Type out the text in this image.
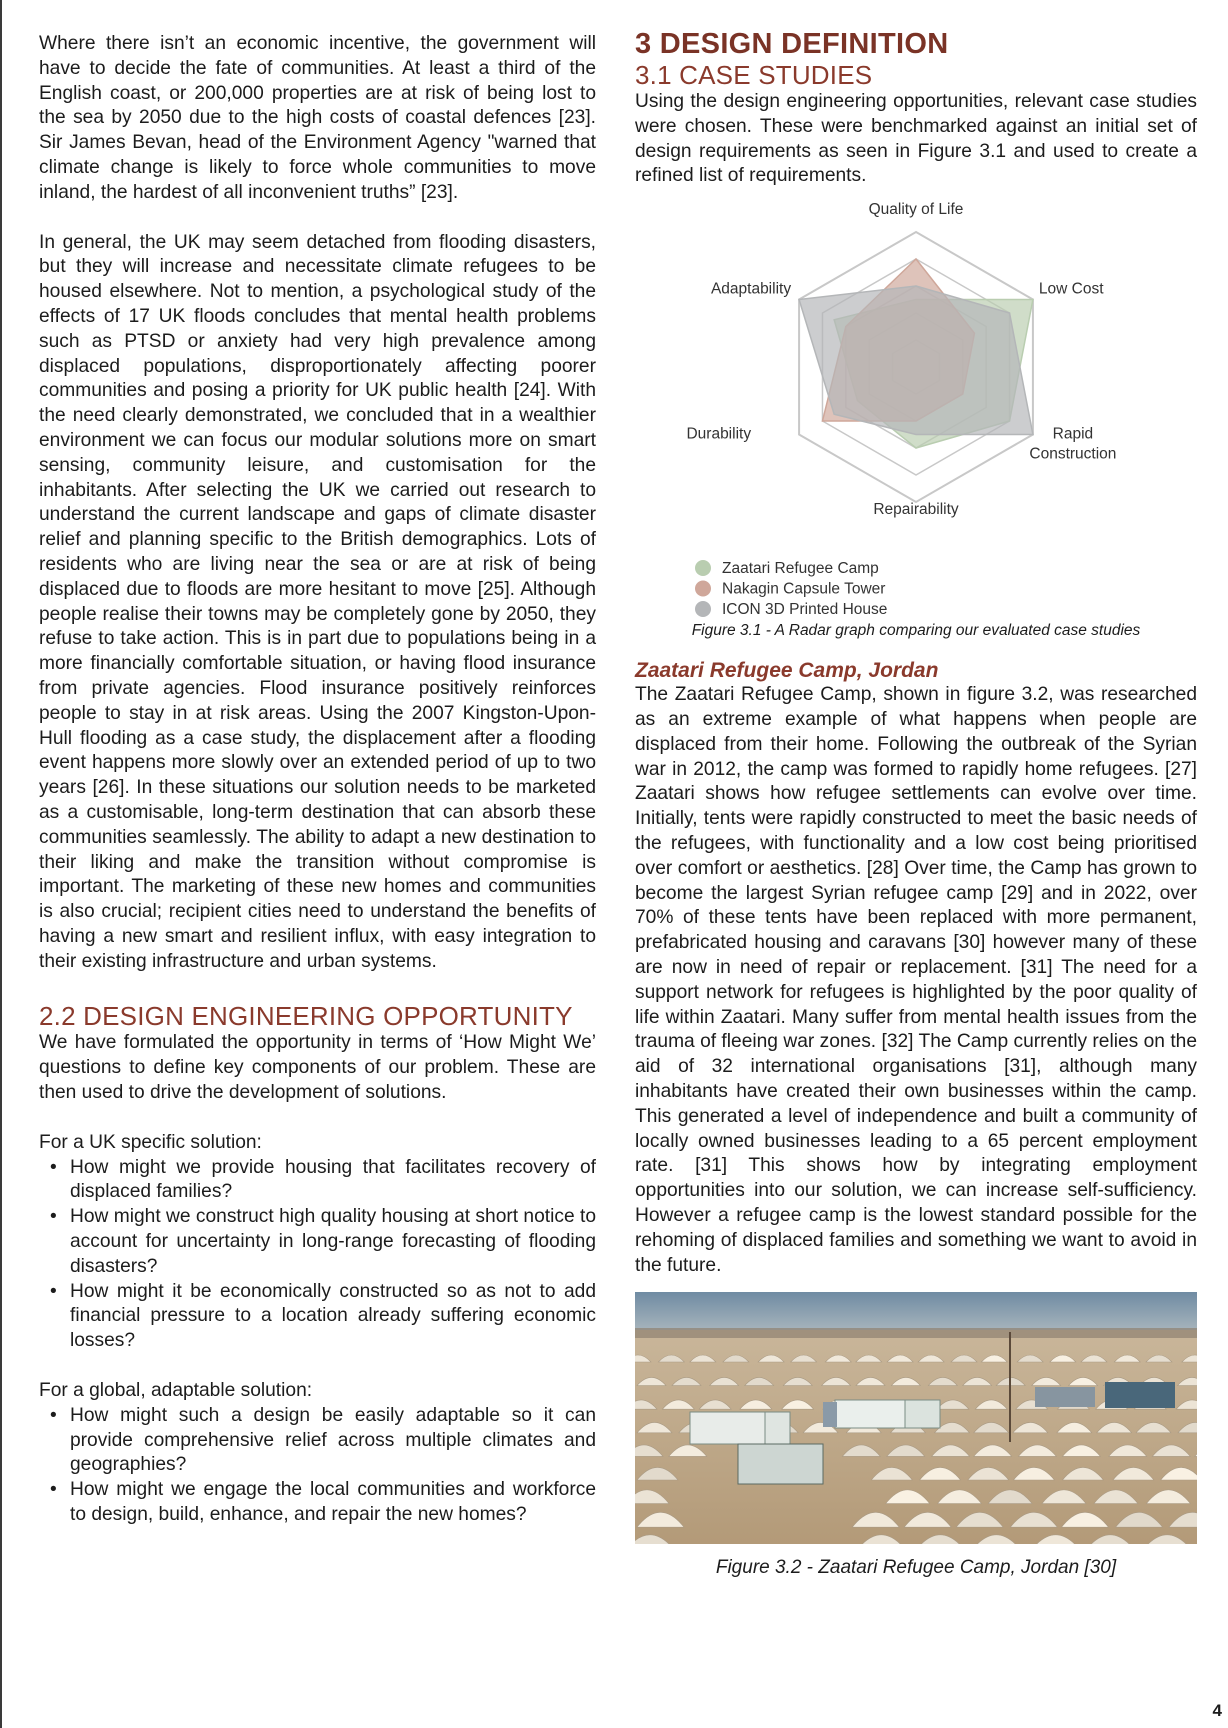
Where there isn’t an economic incentive, the government will have to decide the fate of communities. At least a third of the English coast, or 200,000 properties are at risk of being lost to the sea by 2050 due to the high costs of coastal defences [23]. Sir James Bevan, head of the Environment Agency "warned that climate change is likely to force whole communities to move inland, the hardest of all inconvenient truths” [23].

In general, the UK may seem detached from flooding disasters, but they will increase and necessitate climate refugees to be housed elsewhere. Not to mention, a psychological study of the effects of 17 UK floods concludes that mental health problems such as PTSD or anxiety had very high prevalence among displaced populations, disproportionately affecting poorer communities and posing a priority for UK public health [24]. With the need clearly demonstrated, we concluded that in a wealthier environment we can focus our modular solutions more on smart sensing, community leisure, and customisation for the inhabitants. After selecting the UK we carried out research to understand the current landscape and gaps of climate disaster relief and planning specific to the British demographics. Lots of residents who are living near the sea or are at risk of being displaced due to floods are more hesitant to move [25]. Although people realise their towns may be completely gone by 2050, they refuse to take action. This is in part due to populations being in a more financially comfortable situation, or having flood insurance from private agencies. Flood insurance positively reinforces people to stay in at risk areas. Using the 2007 Kingston-Upon-Hull flooding as a case study, the displacement after a flooding event happens more slowly over an extended period of up to two years [26]. In these situations our solution needs to be marketed as a customisable, long-term destination that can absorb these communities seamlessly. The ability to adapt a new destination to their liking and make the transition without compromise is important. The marketing of these new homes and communities is also crucial; recipient cities need to understand the benefits of having a new smart and resilient influx, with easy integration to their existing infrastructure and urban systems.

2.2 DESIGN ENGINEERING OPPORTUNITY

We have formulated the opportunity in terms of ‘How Might We’ questions to define key components of our problem. These are then used to drive the development of solutions.

For a UK specific solution:

• How might we provide housing that facilitates recovery of displaced families?
• How might we construct high quality housing at short notice to account for uncertainty in long-range forecasting of flooding disasters?
• How might it be economically constructed so as not to add financial pressure to a location already suffering economic losses?

For a global, adaptable solution:

• How might such a design be easily adaptable so it can provide comprehensive relief across multiple climates and geographies?
• How might we engage the local communities and workforce to design, build, enhance, and repair the new homes?
3 DESIGN DEFINITION
3.1 CASE STUDIES

Using the design engineering opportunities, relevant case studies were chosen. These were benchmarked against an initial set of design requirements as seen in Figure 3.1 and used to create a refined list of requirements.

Quality of Life
Low Cost
Rapid Construction
Repairability
Durability
Adaptability
Zaatari Refugee Camp
Nakagin Capsule Tower
ICON 3D Printed House

Figure 3.1 - A Radar graph comparing our evaluated case studies

Zaatari Refugee Camp, Jordan

The Zaatari Refugee Camp, shown in figure 3.2, was researched as an extreme example of what happens when people are displaced from their home. Following the outbreak of the Syrian war in 2012, the camp was formed to rapidly home refugees. [27] Zaatari shows how refugee settlements can evolve over time. Initially, tents were rapidly constructed to meet the basic needs of the refugees, with functionality and a low cost being prioritised over comfort or aesthetics. [28] Over time, the Camp has grown to become the largest Syrian refugee camp [29] and in 2022, over 70% of these tents have been replaced with more permanent, prefabricated housing and caravans [30] however many of these are now in need of repair or replacement. [31] The need for a support network for refugees is highlighted by the poor quality of life within Zaatari. Many suffer from mental health issues from the trauma of fleeing war zones. [32] The Camp currently relies on the aid of 32 international organisations [31], although many inhabitants have created their own businesses within the camp. This generated a level of independence and built a community of locally owned businesses leading to a 65 percent employment rate. [31] This shows how by integrating employment opportunities into our solution, we can increase self-sufficiency. However a refugee camp is the lowest standard possible for the rehoming of displaced families and something we want to avoid in the future.

Figure 3.2 - Zaatari Refugee Camp, Jordan [30]

4
